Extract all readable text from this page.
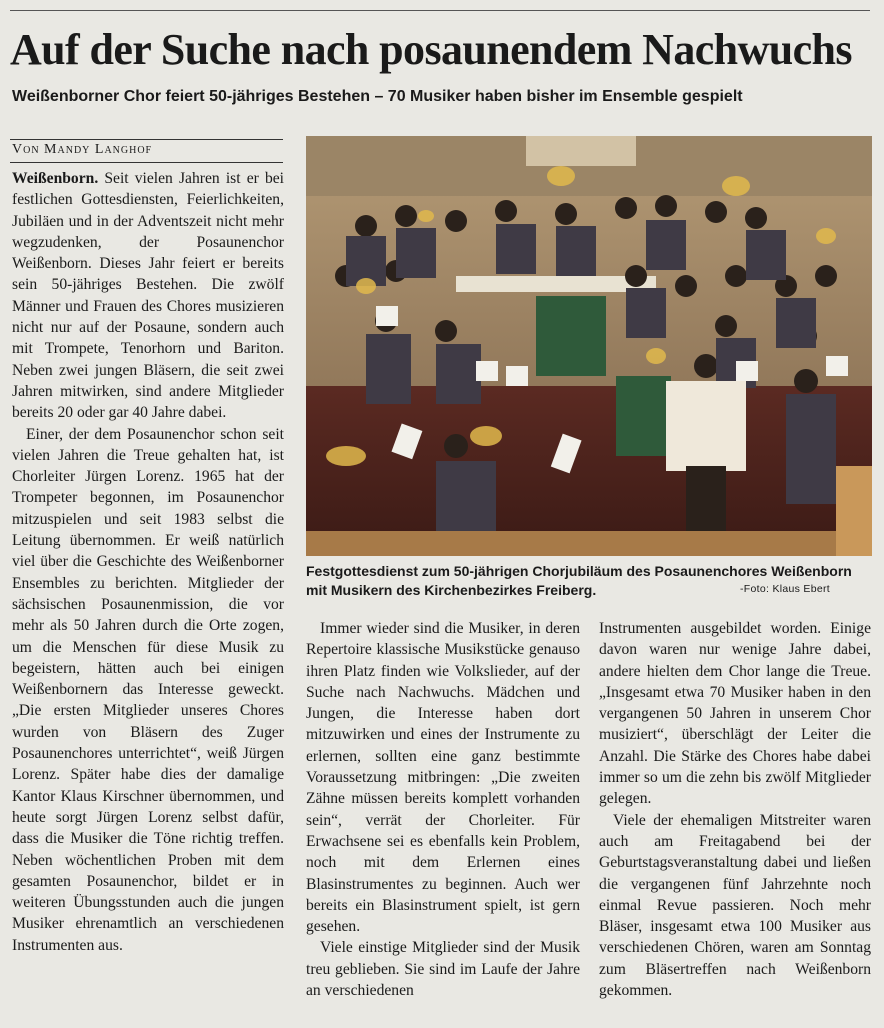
Auf der Suche nach posaunendem Nachwuchs
Weißenborner Chor feiert 50-jähriges Bestehen – 70 Musiker haben bisher im Ensemble gespielt
Von Mandy Langhof

Weißenborn. Seit vielen Jahren ist er bei festlichen Gottesdiensten, Feierlichkeiten, Jubiläen und in der Adventszeit nicht mehr wegzudenken, der Posaunenchor Weißenborn. Dieses Jahr feiert er bereits sein 50-jähriges Bestehen. Die zwölf Männer und Frauen des Chores musizieren nicht nur auf der Posaune, sondern auch mit Trompete, Tenorhorn und Bariton. Neben zwei jungen Bläsern, die seit zwei Jahren mitwirken, sind andere Mitglieder bereits 20 oder gar 40 Jahre dabei.

Einer, der dem Posaunenchor schon seit vielen Jahren die Treue gehalten hat, ist Chorleiter Jürgen Lorenz. 1965 hat der Trompeter begonnen, im Posaunenchor mitzuspielen und seit 1983 selbst die Leitung übernommen. Er weiß natürlich viel über die Geschichte des Weißenborner Ensembles zu berichten. Mitglieder der sächsischen Posaunenmission, die vor mehr als 50 Jahren durch die Orte zogen, um die Menschen für diese Musik zu begeistern, hätten auch bei einigen Weißenbornern das Interesse geweckt. „Die ersten Mitglieder unseres Chores wurden von Bläsern des Zuger Posaunenchores unterrichtet“, weiß Jürgen Lorenz. Später habe dies der damalige Kantor Klaus Kirschner übernommen, und heute sorgt Jürgen Lorenz selbst dafür, dass die Musiker die Töne richtig treffen. Neben wöchentlichen Proben mit dem gesamten Posaunenchor, bildet er in weiteren Übungsstunden auch die jungen Musiker ehrenamtlich an verschiedenen Instrumenten aus.

Festgottesdienst zum 50-jährigen Chorjubiläum des Posaunenchores Weißenborn mit Musikern des Kirchenbezirkes Freiberg.	-Foto: Klaus Ebert

Immer wieder sind die Musiker, in deren Repertoire klassische Musikstücke genauso ihren Platz finden wie Volkslieder, auf der Suche nach Nachwuchs. Mädchen und Jungen, die Interesse haben dort mitzuwirken und eines der Instrumente zu erlernen, sollten eine ganz bestimmte Voraussetzung mitbringen: „Die zweiten Zähne müssen bereits komplett vorhanden sein“, verrät der Chorleiter. Für Erwachsene sei es ebenfalls kein Problem, noch mit dem Erlernen eines Blasinstrumentes zu beginnen. Auch wer bereits ein Blasinstrument spielt, ist gern gesehen.

Viele einstige Mitglieder sind der Musik treu geblieben. Sie sind im Laufe der Jahre an verschiedenen

Instrumenten ausgebildet worden. Einige davon waren nur wenige Jahre dabei, andere hielten dem Chor lange die Treue. „Insgesamt etwa 70 Musiker haben in den vergangenen 50 Jahren in unserem Chor musiziert“, überschlägt der Leiter die Anzahl. Die Stärke des Chores habe dabei immer so um die zehn bis zwölf Mitglieder gelegen.

Viele der ehemaligen Mitstreiter waren auch am Freitagabend bei der Geburtstagsveranstaltung dabei und ließen die vergangenen fünf Jahrzehnte noch einmal Revue passieren. Noch mehr Bläser, insgesamt etwa 100 Musiker aus verschiedenen Chören, waren am Sonntag zum Bläsertreffen nach Weißenborn gekommen.
